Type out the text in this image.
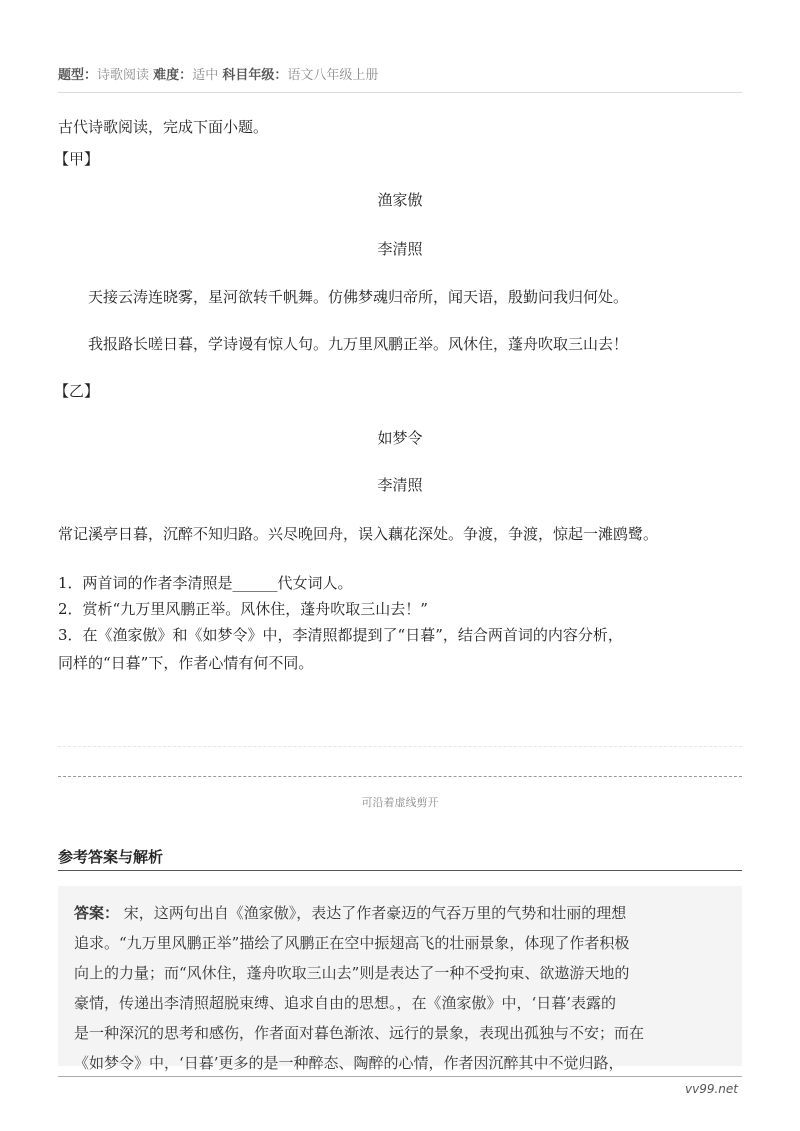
题型：诗歌阅读 难度：适中 科目年级：语文八年级上册
古代诗歌阅读，完成下面小题。
【甲】
渔家傲
李清照
天接云涛连晓雾，星河欲转千帆舞。仿佛梦魂归帝所，闻天语，殷勤问我归何处。
我报路长嗟日暮，学诗谩有惊人句。九万里风鹏正举。风休住，蓬舟吹取三山去！
【乙】
如梦令
李清照
常记溪亭日暮，沉醉不知归路。兴尽晚回舟，误入藕花深处。争渡，争渡，惊起一滩鸥鹭。
1．两首词的作者李清照是______代女词人。
2．赏析“九万里风鹏正举。风休住，蓬舟吹取三山去！”
3．在《渔家傲》和《如梦令》中，李清照都提到了“日暮”，结合两首词的内容分析，
同样的“日暮”下，作者心情有何不同。
可沿着虚线剪开
参考答案与解析
答案： 宋，这两句出自《渔家傲》，表达了作者豪迈的气吞万里的气势和壮丽的理想
追求。“九万里风鹏正举”描绘了风鹏正在空中振翅高飞的壮丽景象，体现了作者积极
向上的力量；而“风休住，蓬舟吹取三山去”则是表达了一种不受拘束、欲遨游天地的
豪情，传递出李清照超脱束缚、追求自由的思想。，在《渔家傲》中，‘日暮’表露的
是一种深沉的思考和感伤，作者面对暮色渐浓、远行的景象，表现出孤独与不安；而在
《如梦令》中，‘日暮’更多的是一种醉态、陶醉的心情，作者因沉醉其中不觉归路，
vv99.net
